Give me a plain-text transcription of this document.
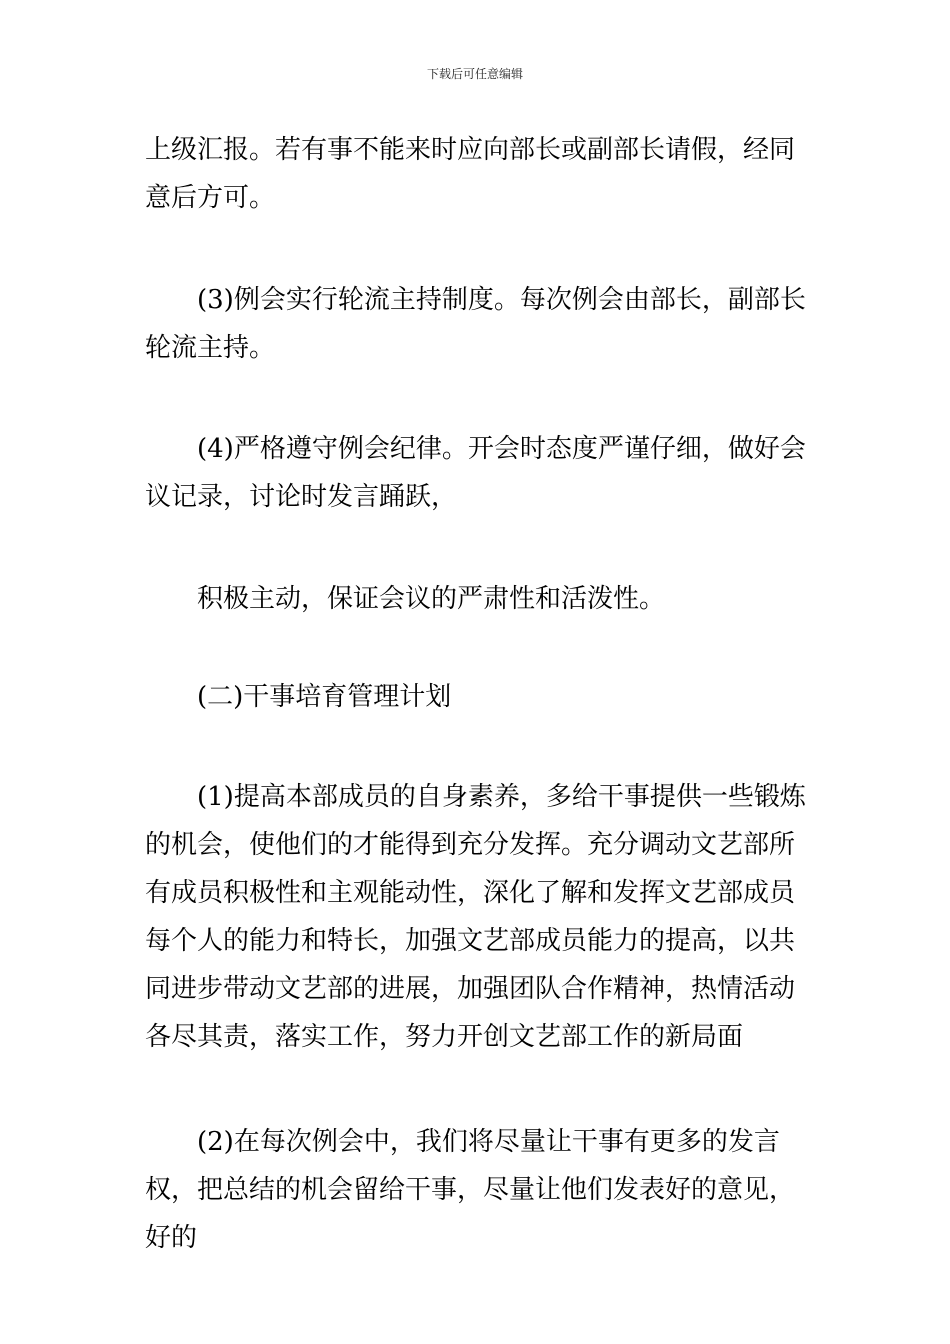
下载后可任意编辑

上级汇报。若有事不能来时应向部长或副部长请假，经同意后方可。

(3)例会实行轮流主持制度。每次例会由部长，副部长轮流主持。

(4)严格遵守例会纪律。开会时态度严谨仔细，做好会议记录，讨论时发言踊跃，

积极主动，保证会议的严肃性和活泼性。

(二)干事培育管理计划

(1)提高本部成员的自身素养，多给干事提供一些锻炼的机会，使他们的才能得到充分发挥。充分调动文艺部所有成员积极性和主观能动性，深化了解和发挥文艺部成员每个人的能力和特长，加强文艺部成员能力的提高，以共同进步带动文艺部的进展，加强团队合作精神，热情活动各尽其责，落实工作，努力开创文艺部工作的新局面

(2)在每次例会中，我们将尽量让干事有更多的发言权，把总结的机会留给干事，尽量让他们发表好的意见，好的
